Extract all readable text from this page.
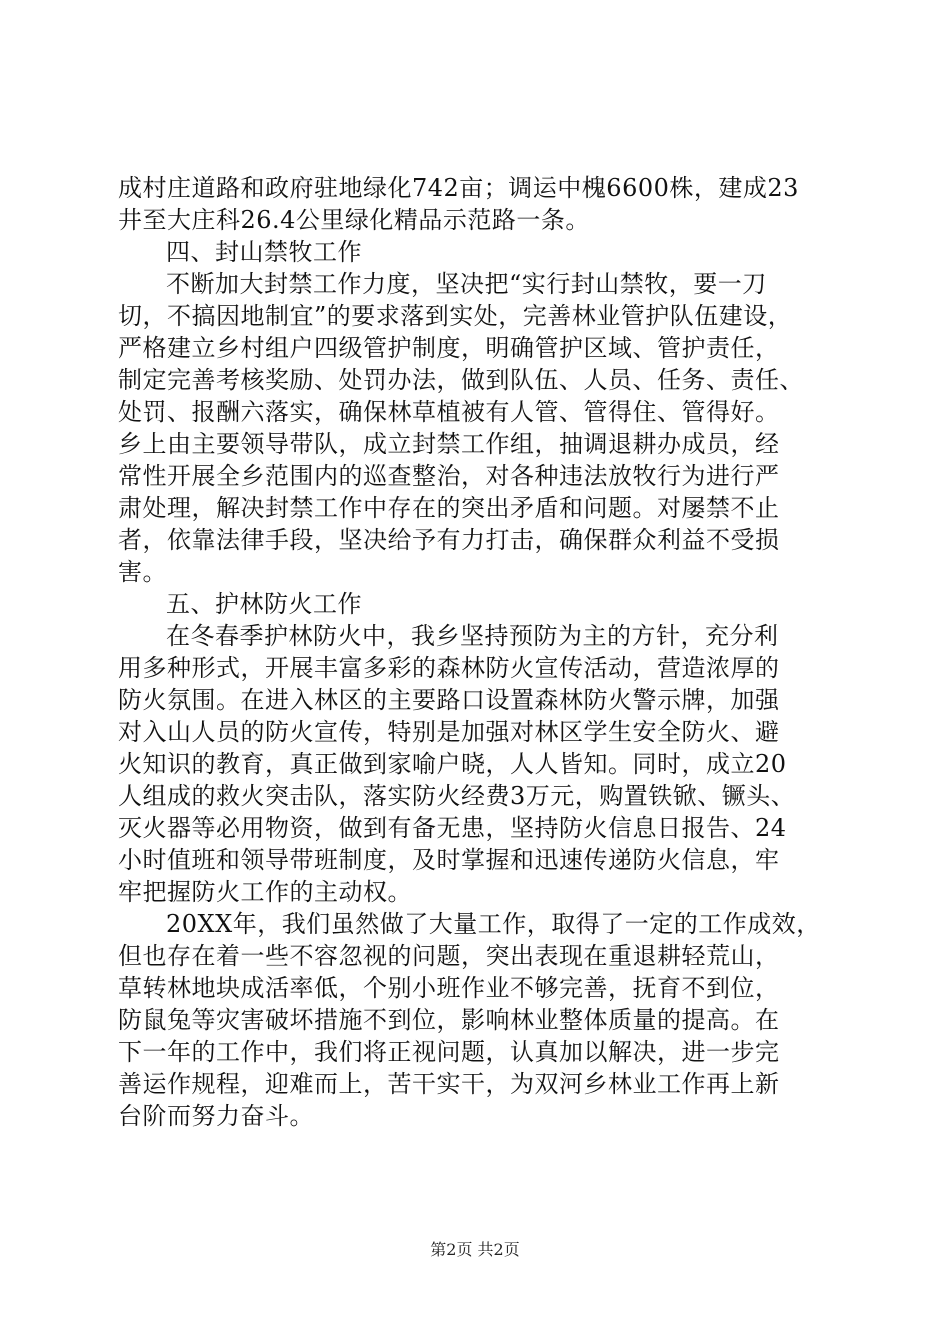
成村庄道路和政府驻地绿化742亩；调运中槐6600株，建成23
井至大庄科26.4公里绿化精品示范路一条。
四、封山禁牧工作
不断加大封禁工作力度，坚决把“实行封山禁牧，要一刀
切，不搞因地制宜”的要求落到实处，完善林业管护队伍建设，
严格建立乡村组户四级管护制度，明确管护区域、管护责任，
制定完善考核奖励、处罚办法，做到队伍、人员、任务、责任、
处罚、报酬六落实，确保林草植被有人管、管得住、管得好。
乡上由主要领导带队，成立封禁工作组，抽调退耕办成员，经
常性开展全乡范围内的巡查整治，对各种违法放牧行为进行严
肃处理，解决封禁工作中存在的突出矛盾和问题。对屡禁不止
者，依靠法律手段，坚决给予有力打击，确保群众利益不受损
害。
五、护林防火工作
在冬春季护林防火中，我乡坚持预防为主的方针，充分利
用多种形式，开展丰富多彩的森林防火宣传活动，营造浓厚的
防火氛围。在进入林区的主要路口设置森林防火警示牌，加强
对入山人员的防火宣传，特别是加强对林区学生安全防火、避
火知识的教育，真正做到家喻户晓，人人皆知。同时，成立20
人组成的救火突击队，落实防火经费3万元，购置铁锨、镢头、
灭火器等必用物资，做到有备无患，坚持防火信息日报告、24
小时值班和领导带班制度，及时掌握和迅速传递防火信息，牢
牢把握防火工作的主动权。
20XX年，我们虽然做了大量工作，取得了一定的工作成效，
但也存在着一些不容忽视的问题，突出表现在重退耕轻荒山，
草转林地块成活率低，个别小班作业不够完善，抚育不到位，
防鼠兔等灾害破坏措施不到位，影响林业整体质量的提高。在
下一年的工作中，我们将正视问题，认真加以解决，进一步完
善运作规程，迎难而上，苦干实干，为双河乡林业工作再上新
台阶而努力奋斗。
第2页 共2页
